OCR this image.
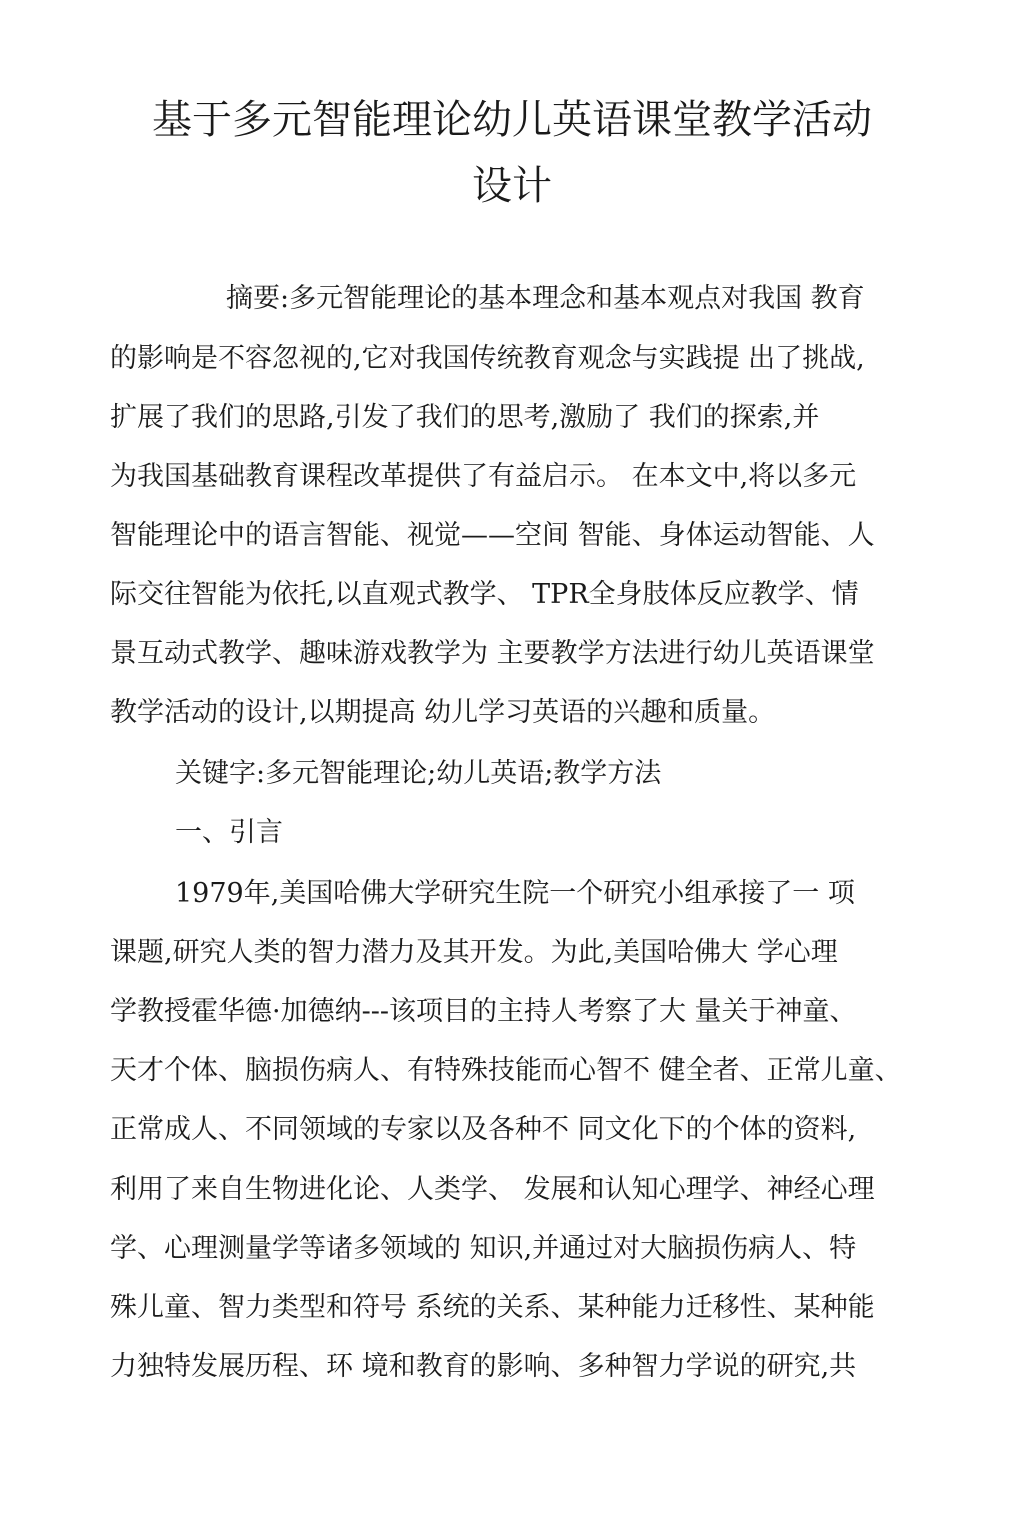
基于多元智能理论幼儿英语课堂教学活动
设计
摘要:多元智能理论的基本理念和基本观点对我国 教育
的影响是不容忽视的,它对我国传统教育观念与实践提 出了挑战,
扩展了我们的思路,引发了我们的思考,激励了 我们的探索,并
为我国基础教育课程改革提供了有益启示。 在本文中,将以多元
智能理论中的语言智能、视觉——空间 智能、身体运动智能、人
际交往智能为依托,以直观式教学、 TPR全身肢体反应教学、情
景互动式教学、趣味游戏教学为 主要教学方法进行幼儿英语课堂
教学活动的设计,以期提高 幼儿学习英语的兴趣和质量。
关键字:多元智能理论;幼儿英语;教学方法
一、引言
1979年,美国哈佛大学研究生院一个研究小组承接了一 项
课题,研究人类的智力潜力及其开发。为此,美国哈佛大 学心理
学教授霍华德·加德纳---该项目的主持人考察了大 量关于神童、
天才个体、脑损伤病人、有特殊技能而心智不 健全者、正常儿童、
正常成人、不同领域的专家以及各种不 同文化下的个体的资料,
利用了来自生物进化论、人类学、 发展和认知心理学、神经心理
学、心理测量学等诸多领域的 知识,并通过对大脑损伤病人、特
殊儿童、智力类型和符号 系统的关系、某种能力迁移性、某种能
力独特发展历程、环 境和教育的影响、多种智力学说的研究,共
